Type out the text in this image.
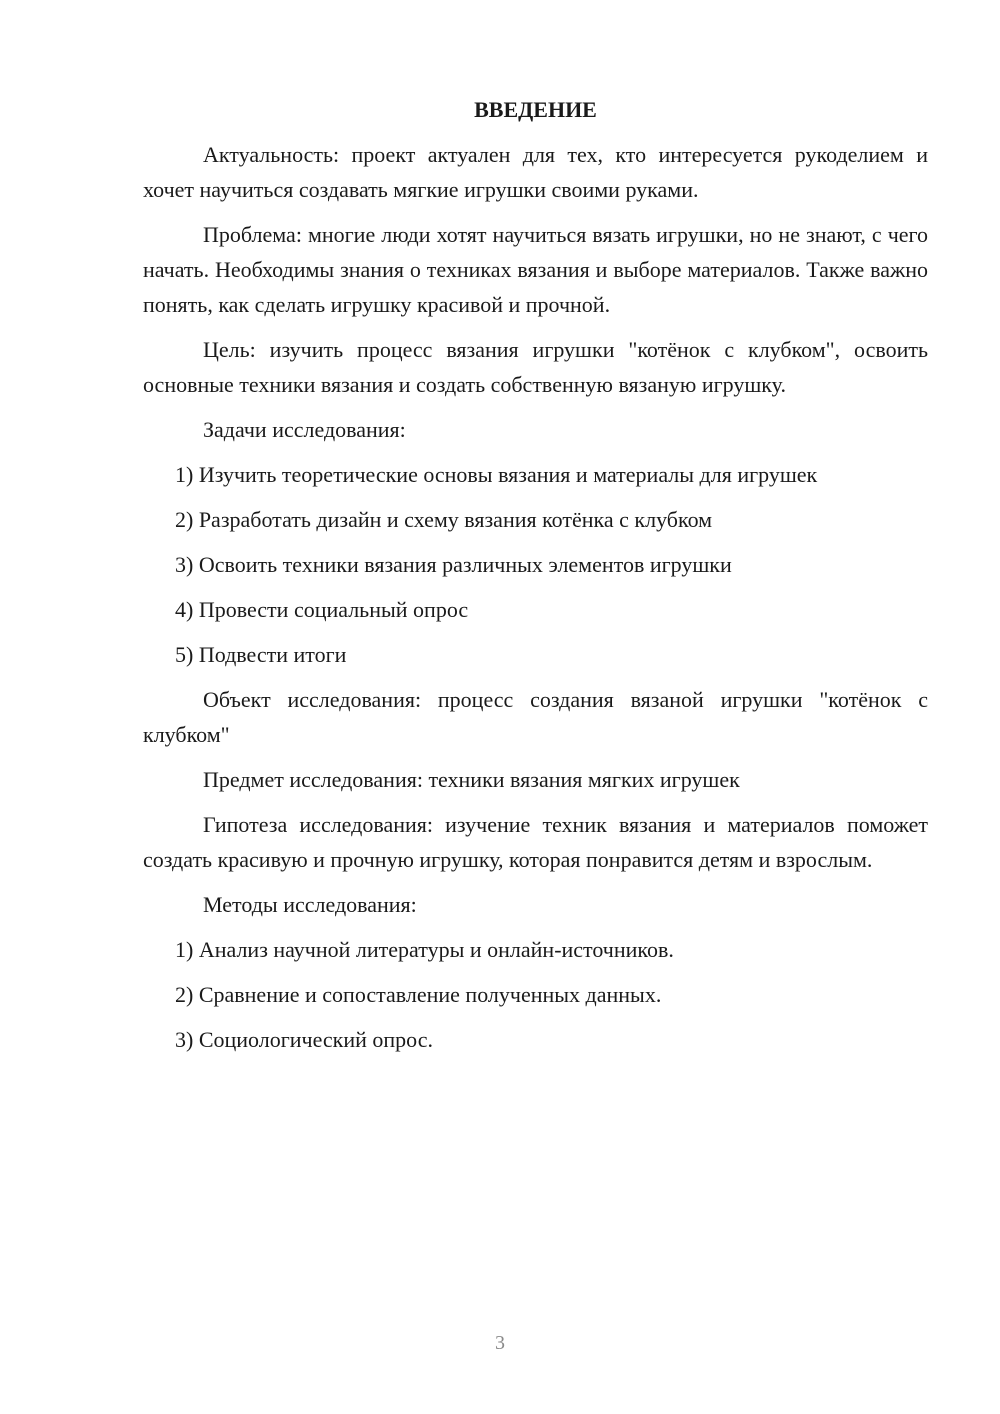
ВВЕДЕНИЕ

Актуальность: проект актуален для тех, кто интересуется рукоделием и хочет научиться создавать мягкие игрушки своими руками.

Проблема: многие люди хотят научиться вязать игрушки, но не знают, с чего начать. Необходимы знания о техниках вязания и выборе материалов. Также важно понять, как сделать игрушку красивой и прочной.

Цель: изучить процесс вязания игрушки "котёнок с клубком", освоить основные техники вязания и создать собственную вязаную игрушку.

Задачи исследования:

1) Изучить теоретические основы вязания и материалы для игрушек
2) Разработать дизайн и схему вязания котёнка с клубком
3) Освоить техники вязания различных элементов игрушки
4) Провести социальный опрос
5) Подвести итоги

Объект исследования: процесс создания вязаной игрушки "котёнок с клубком"

Предмет исследования: техники вязания мягких игрушек

Гипотеза исследования: изучение техник вязания и материалов поможет создать красивую и прочную игрушку, которая понравится детям и взрослым.

Методы исследования:

1) Анализ научной литературы и онлайн-источников.
2) Сравнение и сопоставление полученных данных.
3) Социологический опрос.
3
